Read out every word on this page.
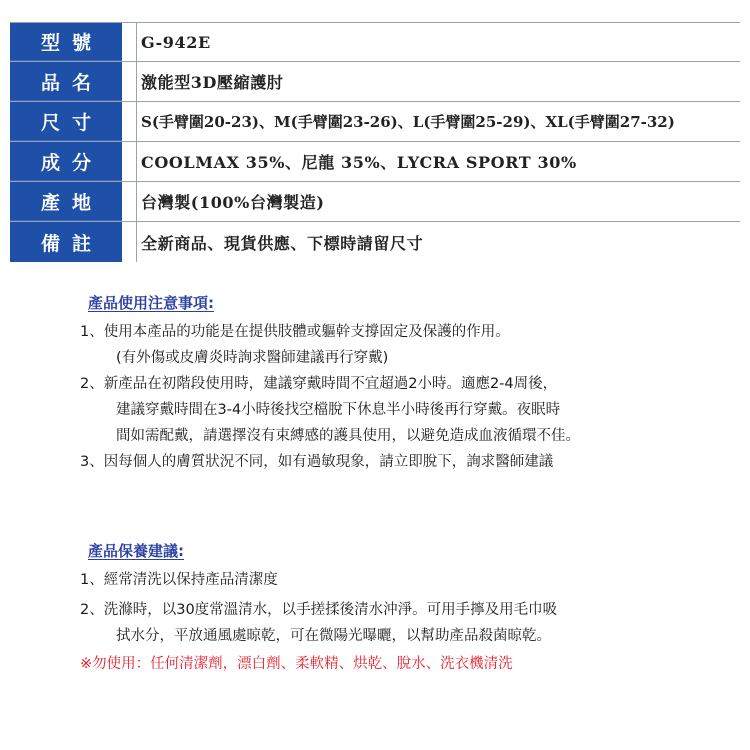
型號	G-942E
品名	激能型3D壓縮護肘
尺寸	S(手臂圍20-23)、M(手臂圍23-26)、L(手臂圍25-29)、XL(手臂圍27-32)
成分	COOLMAX 35%、尼龍 35%、LYCRA SPORT 30%
產地	台灣製(100%台灣製造)
備註	全新商品、現貨供應、下標時請留尺寸
產品使用注意事項:
1、使用本產品的功能是在提供肢體或軀幹支撐固定及保護的作用。
(有外傷或皮膚炎時詢求醫師建議再行穿戴)
2、新產品在初階段使用時，建議穿戴時間不宜超過2小時。適應2-4周後，
建議穿戴時間在3-4小時後找空檔脫下休息半小時後再行穿戴。夜眠時
間如需配戴，請選擇沒有束縛感的護具使用，以避免造成血液循環不佳。
3、因每個人的膚質狀況不同，如有過敏現象，請立即脫下，詢求醫師建議
產品保養建議:
1、經常清洗以保持產品清潔度
2、洗滌時，以30度常溫清水，以手搓揉後清水沖淨。可用手擰及用毛巾吸
拭水分，平放通風處晾乾，可在微陽光曝曬，以幫助產品殺菌晾乾。
※勿使用：任何清潔劑，漂白劑、柔軟精、烘乾、脫水、洗衣機清洗
